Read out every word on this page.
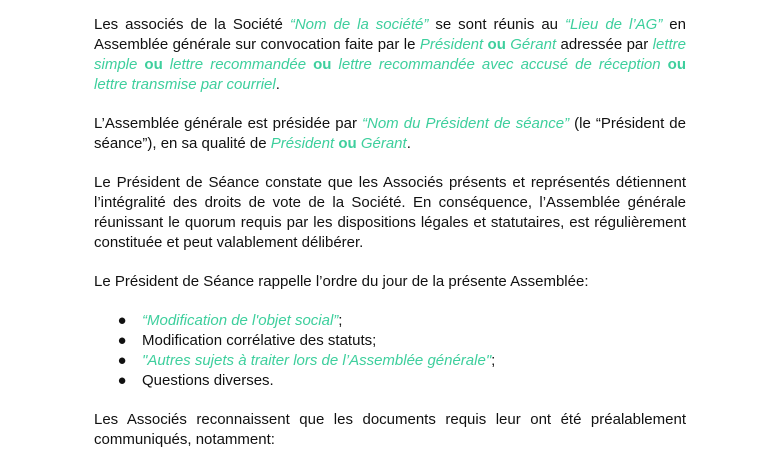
Les associés de la Société “Nom de la société” se sont réunis au “Lieu de l’AG” en Assemblée générale sur convocation faite par le Président ou Gérant adressée par lettre simple ou lettre recommandée ou lettre recommandée avec accusé de réception ou lettre transmise par courriel.

L’Assemblée générale est présidée par “Nom du Président de séance” (le “Président de séance”), en sa qualité de Président ou Gérant.

Le Président de Séance constate que les Associés présents et représentés détiennent l’intégralité des droits de vote de la Société. En conséquence, l’Assemblée générale réunissant le quorum requis par les dispositions légales et statutaires, est régulièrement constituée et peut valablement délibérer.

Le Président de Séance rappelle l’ordre du jour de la présente Assemblée:

● “Modification de l'objet social”;
● Modification corrélative des statuts;
● "Autres sujets à traiter lors de l’Assemblée générale";
● Questions diverses.

Les Associés reconnaissent que les documents requis leur ont été préalablement communiqués, notamment:
